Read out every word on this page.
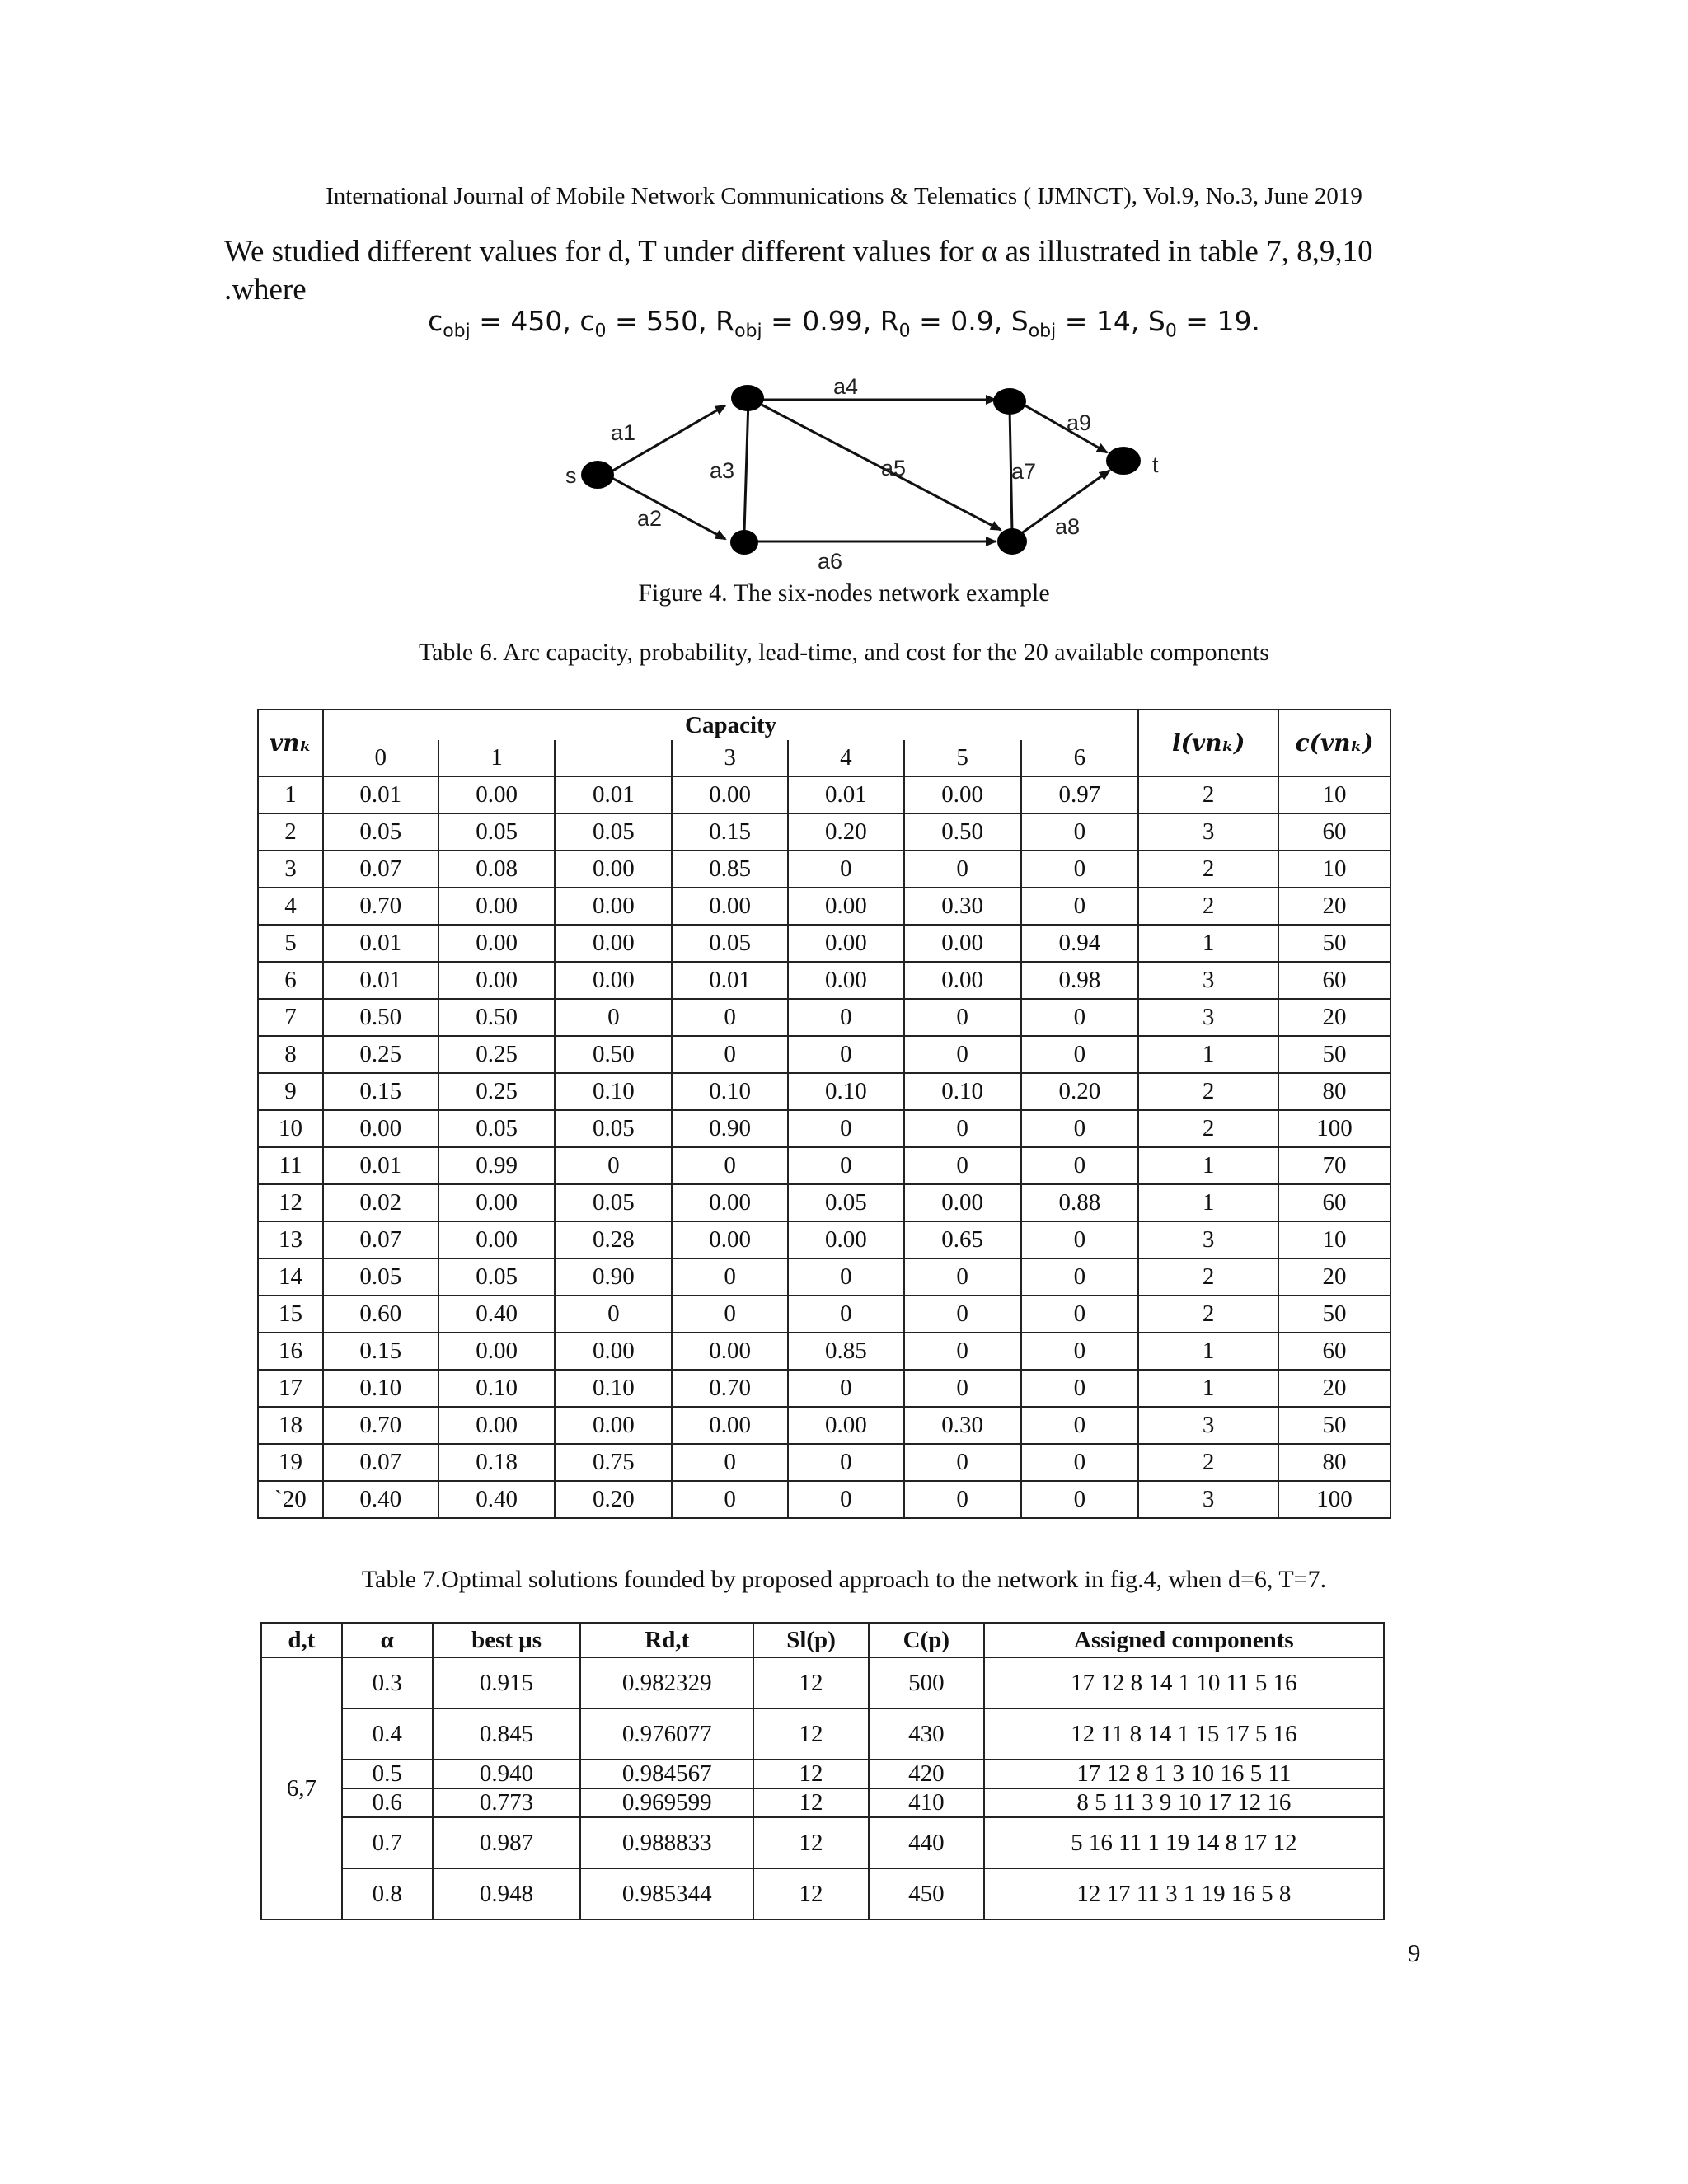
International Journal of Mobile Network Communications & Telematics ( IJMNCT), Vol.9, No.3, June 2019
We studied different values for d, T under different values for α as illustrated in table 7, 8,9,10
.where
$c_{obj} = 450$, $c_0 = 550$, $R_{obj} = 0.99$, $R_0 = 0.9$, $S_{obj} = 14$, $S_0 = 19$.
s	t
a1
a2
a3
a4
a5
a6
a7
a8
a9
Figure 4. The six-nodes network example
Table 6. Arc capacity, probability, lead-time, and cost for the 20 available components
vnₖ	Capacity							l(vnₖ)	c(vnₖ)
	0	1		3	4	5	6		
1	0.01	0.00	0.01	0.00	0.01	0.00	0.97	2	10
2	0.05	0.05	0.05	0.15	0.20	0.50	0	3	60
3	0.07	0.08	0.00	0.85	0	0	0	2	10
4	0.70	0.00	0.00	0.00	0.00	0.30	0	2	20
5	0.01	0.00	0.00	0.05	0.00	0.00	0.94	1	50
6	0.01	0.00	0.00	0.01	0.00	0.00	0.98	3	60
7	0.50	0.50	0	0	0	0	0	3	20
8	0.25	0.25	0.50	0	0	0	0	1	50
9	0.15	0.25	0.10	0.10	0.10	0.10	0.20	2	80
10	0.00	0.05	0.05	0.90	0	0	0	2	100
11	0.01	0.99	0	0	0	0	0	1	70
12	0.02	0.00	0.05	0.00	0.05	0.00	0.88	1	60
13	0.07	0.00	0.28	0.00	0.00	0.65	0	3	10
14	0.05	0.05	0.90	0	0	0	0	2	20
15	0.60	0.40	0	0	0	0	0	2	50
16	0.15	0.00	0.00	0.00	0.85	0	0	1	60
17	0.10	0.10	0.10	0.70	0	0	0	1	20
18	0.70	0.00	0.00	0.00	0.00	0.30	0	3	50
19	0.07	0.18	0.75	0	0	0	0	2	80
`20	0.40	0.40	0.20	0	0	0	0	3	100
Table 7.Optimal solutions founded by proposed approach to the network in fig.4, when d=6, T=7.
d,t	α	best μs	Rd,t	Sl(p)	C(p)	Assigned components
6,7	0.3	0.915	0.982329	12	500	17 12 8 14 1 10 11 5 16
	0.4	0.845	0.976077	12	430	12 11 8 14 1 15 17 5 16
	0.5	0.940	0.984567	12	420	17 12 8 1 3 10 16 5 11
	0.6	0.773	0.969599	12	410	8 5 11 3 9 10 17 12 16
	0.7	0.987	0.988833	12	440	5 16 11 1 19 14 8 17 12
	0.8	0.948	0.985344	12	450	12 17 11 3 1 19 16 5 8
9
